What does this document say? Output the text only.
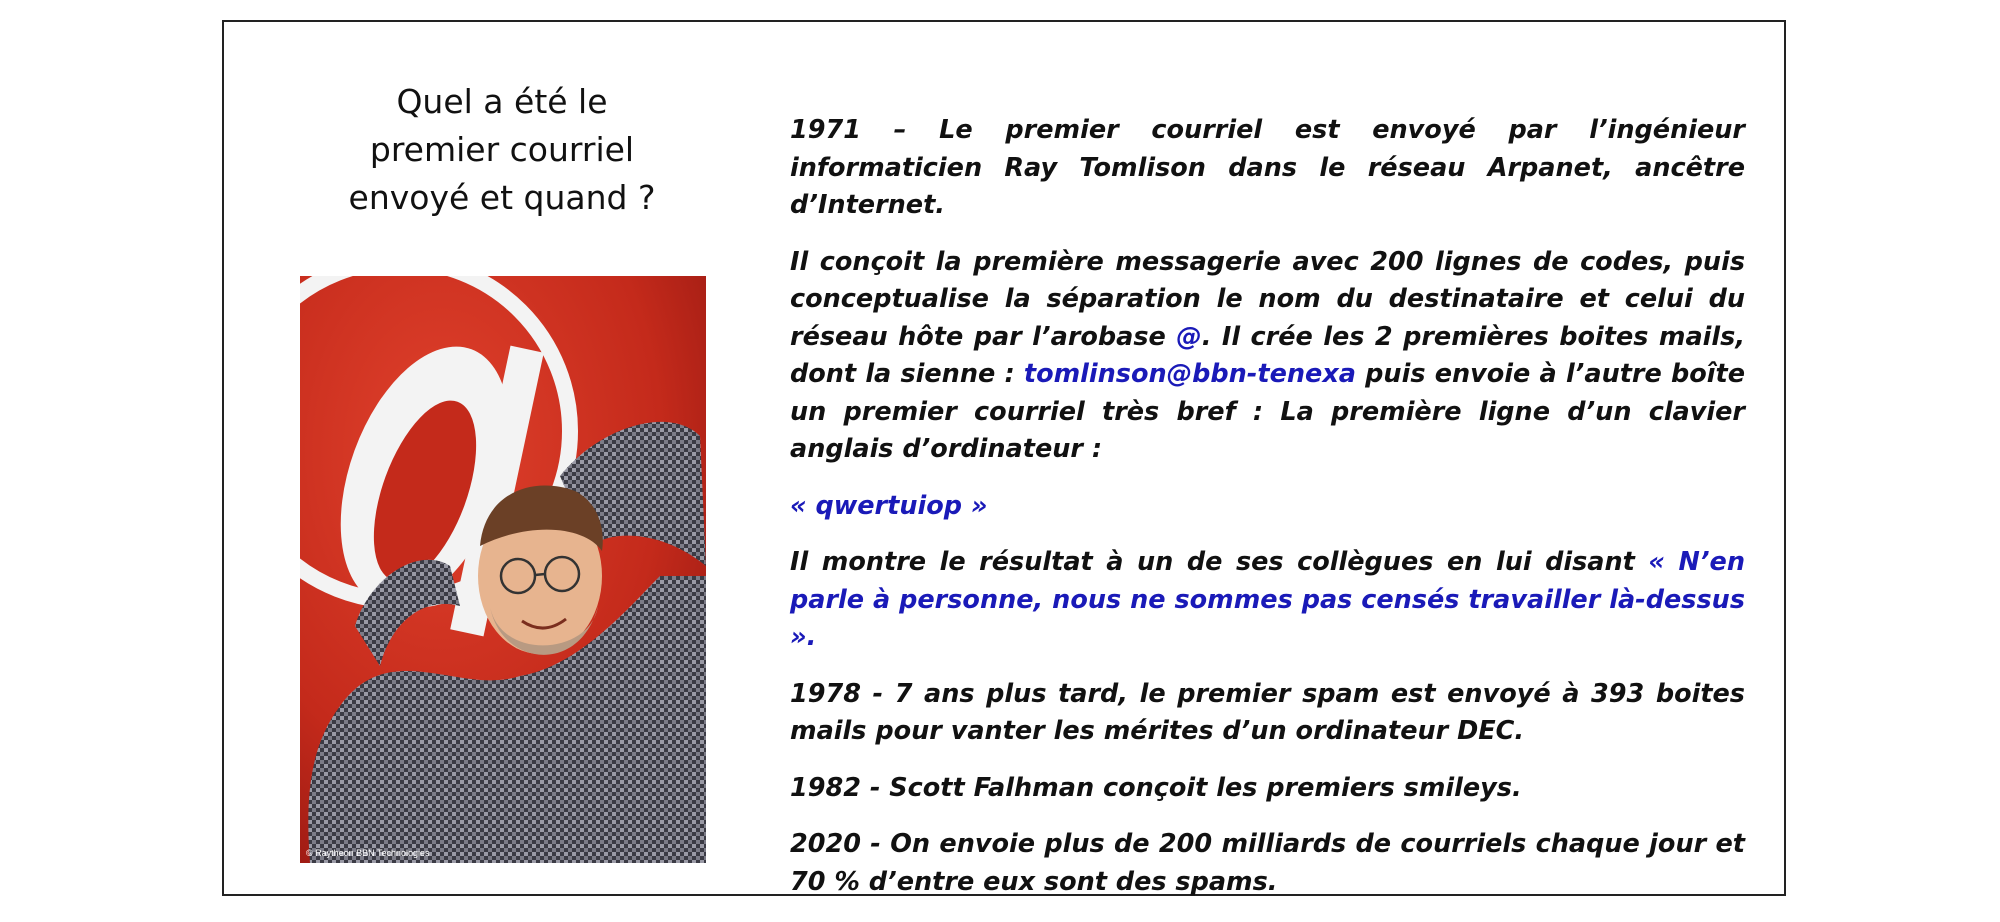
Quel a été le
premier courriel
envoyé et quand ?
© Raytheon BBN Technologies

1971 – Le premier courriel est envoyé par l’ingénieur informaticien Ray Tomlison dans le réseau Arpanet, ancêtre d’Internet.

Il conçoit la première messagerie avec 200 lignes de codes, puis conceptualise la séparation le nom du destinataire et celui du réseau hôte par l’arobase @. Il crée les 2 premières boites mails, dont la sienne : tomlinson@bbn-tenexa puis envoie à l’autre boîte un premier courriel très bref : La première ligne d’un clavier anglais d’ordinateur :

« qwertuiop »

Il montre le résultat à un de ses collègues en lui disant « N’en parle à personne, nous ne sommes pas censés travailler là-dessus ».

1978 - 7 ans plus tard, le premier spam est envoyé à 393 boites mails pour vanter les mérites d’un ordinateur DEC.

1982 - Scott Falhman conçoit les premiers smileys.

2020 - On envoie plus de 200 milliards de courriels chaque jour et 70 % d’entre eux sont des spams.
